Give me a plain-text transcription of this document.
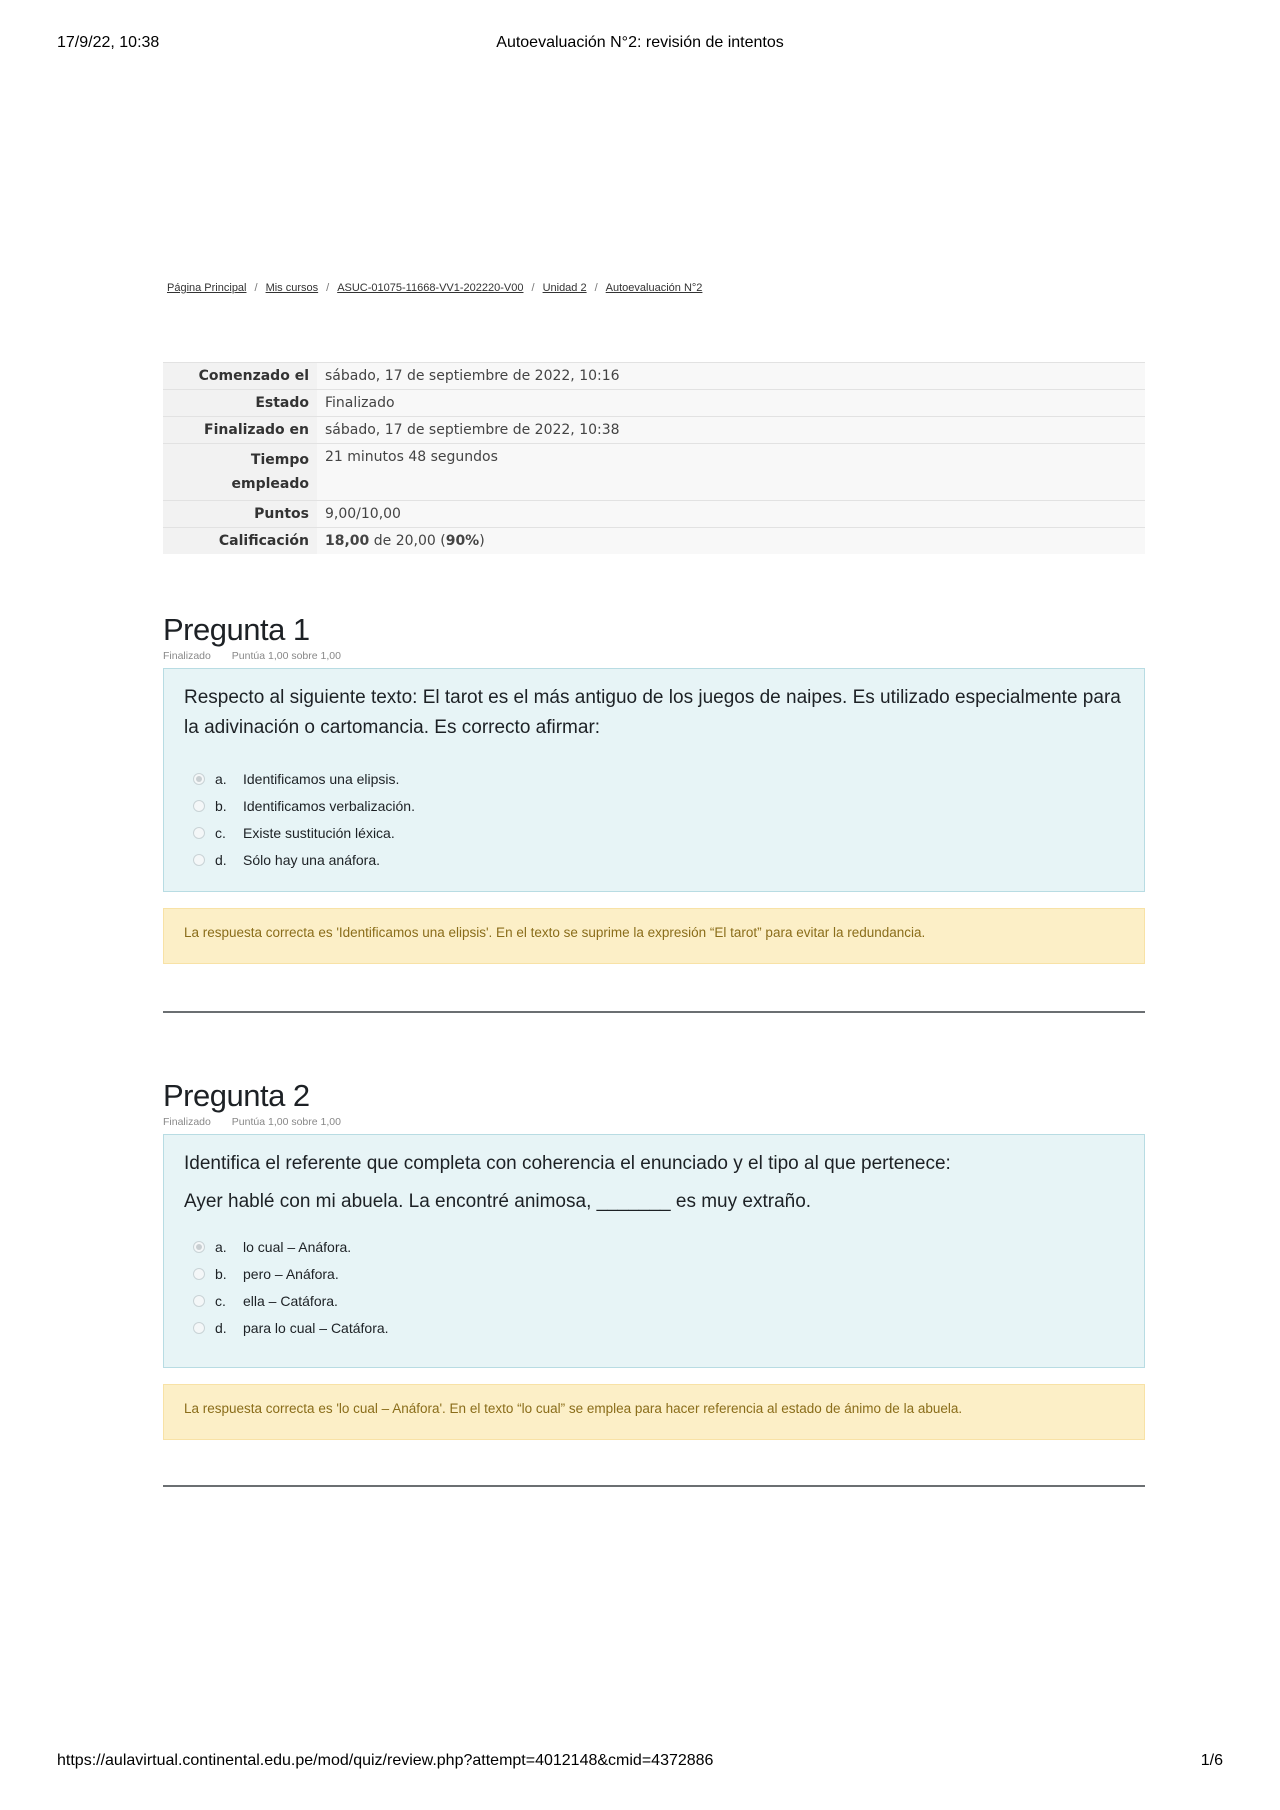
17/9/22, 10:38	Autoevaluación N°2: revisión de intentos
Página Principal / Mis cursos / ASUC-01075-11668-VV1-202220-V00 / Unidad 2 / Autoevaluación N°2
Comenzado el	sábado, 17 de septiembre de 2022, 10:16
Estado	Finalizado
Finalizado en	sábado, 17 de septiembre de 2022, 10:38
Tiempo empleado	21 minutos 48 segundos
Puntos	9,00/10,00
Calificación	18,00 de 20,00 (90%)
Pregunta 1
Finalizado Puntúa 1,00 sobre 1,00

Respecto al siguiente texto: El tarot es el más antiguo de los juegos de naipes. Es utilizado especialmente para la adivinación o cartomancia. Es correcto afirmar:

a.	Identificamos una elipsis.
b.	Identificamos verbalización.
c.	Existe sustitución léxica.
d.	Sólo hay una anáfora.
La respuesta correcta es 'Identificamos una elipsis'. En el texto se suprime la expresión “El tarot” para evitar la redundancia.
Pregunta 2
Finalizado Puntúa 1,00 sobre 1,00

Identifica el referente que completa con coherencia el enunciado y el tipo al que pertenece:

Ayer hablé con mi abuela. La encontré animosa, _______ es muy extraño.

a.	lo cual – Anáfora.
b.	pero – Anáfora.
c.	ella – Catáfora.
d.	para lo cual – Catáfora.
La respuesta correcta es 'lo cual – Anáfora'. En el texto “lo cual” se emplea para hacer referencia al estado de ánimo de la abuela.
https://aulavirtual.continental.edu.pe/mod/quiz/review.php?attempt=4012148&cmid=4372886	1/6
